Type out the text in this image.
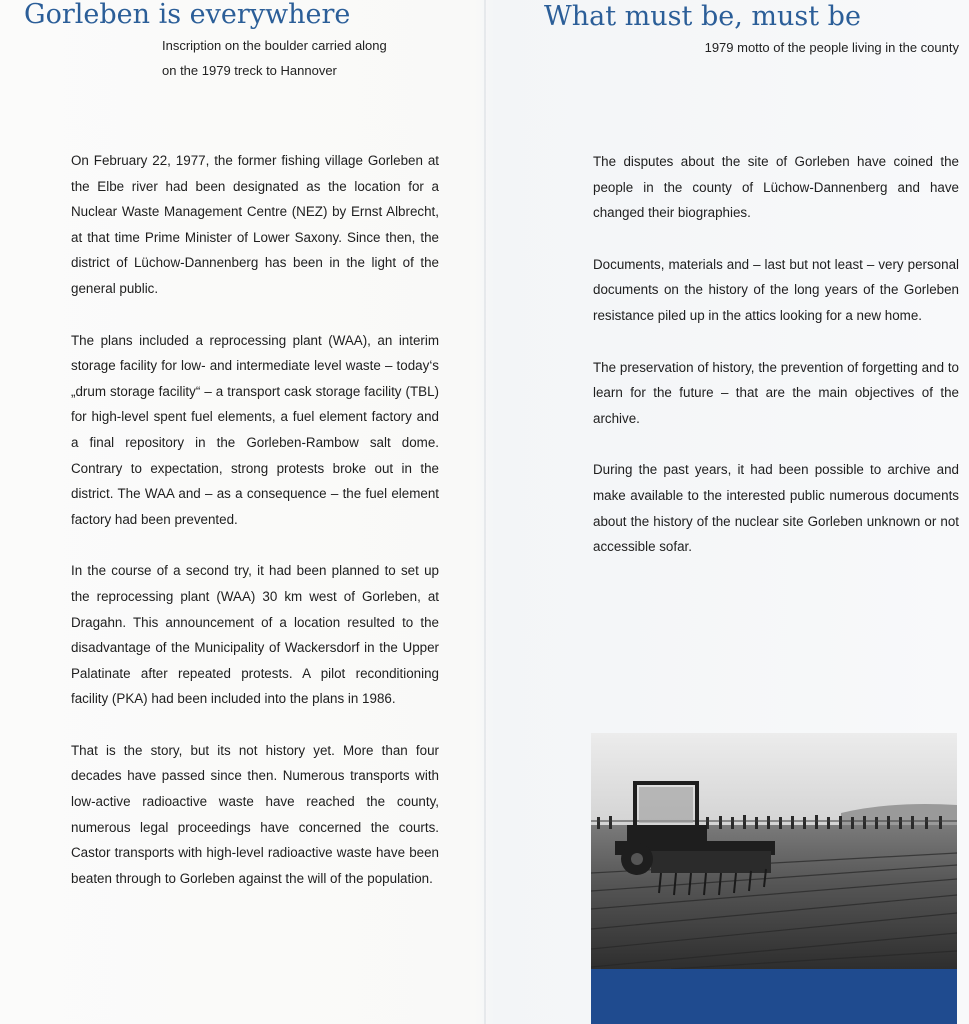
Gorleben is everywhere
Inscription on the boulder carried along
on the 1979 treck to Hannover

On February 22, 1977, the former fishing village Gorleben at the Elbe river had been designated as the location for a Nuclear Waste Management Centre (NEZ) by Ernst Albrecht, at that time Prime Minister of Lower Saxony. Since then, the district of Lüchow-Dannenberg has been in the light of the general public.

The plans included a reprocessing plant (WAA), an interim storage facility for low- and intermediate level waste – today‘s „drum storage facility“ – a transport cask storage facility (TBL) for high-level spent fuel elements, a fuel element factory and a final repository in the Gorleben-Rambow salt dome. Contrary to expectation, strong protests broke out in the district. The WAA and – as a consequence – the fuel element factory had been prevented.

In the course of a second try, it had been planned to set up the reprocessing plant (WAA) 30 km west of Gorleben, at Dragahn. This announcement of a location resulted to the disadvantage of the Municipality of Wackersdorf in the Upper Palatinate after repeated protests. A pilot reconditioning facility (PKA) had been included into the plans in 1986.

That is the story, but its not history yet. More than four decades have passed since then. Numerous transports with low-active radioactive waste have reached the county, numerous legal proceedings have concerned the courts. Castor transports with high-level radioactive waste have been beaten through to Gorleben against the will of the population.

What must be, must be
1979 motto of the people living in the county

The disputes about the site of Gorleben have coined the people in the county of Lüchow-Dannenberg and have changed their biographies.

Documents, materials and – last but not least – very personal documents on the history of the long years of the Gorleben resistance piled up in the attics looking for a new home.

The preservation of history, the prevention of forgetting and to learn for the future – that are the main objectives of the archive.

During the past years, it had been possible to archive and make available to the interested public numerous documents about the history of the nuclear site Gorleben unknown or not accessible sofar.
